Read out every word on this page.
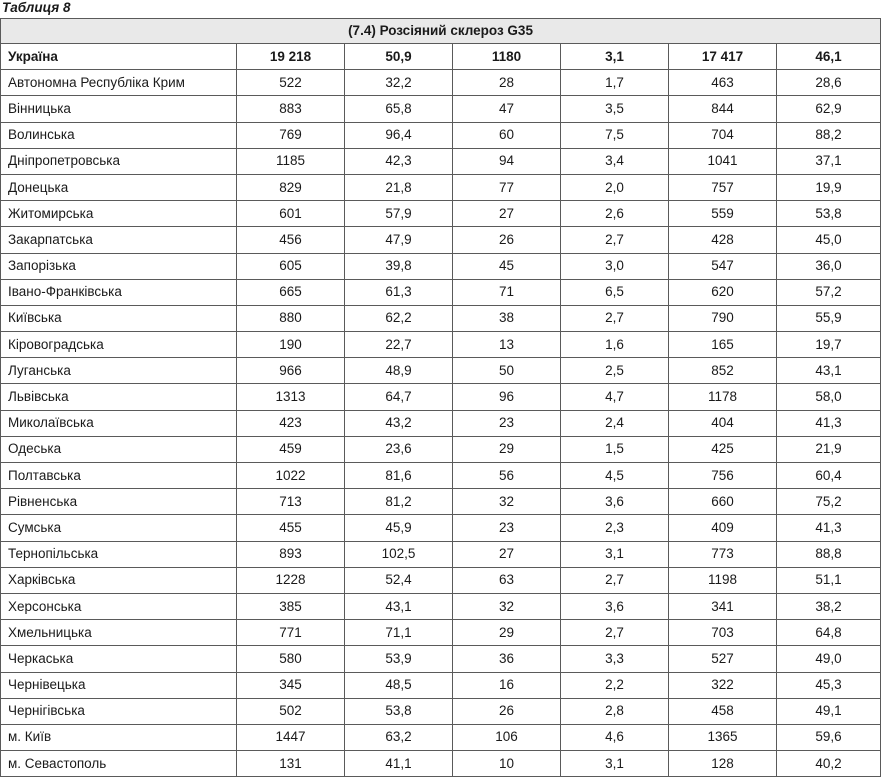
Таблиця 8
(7.4) Розсіяний склероз G35						
Україна	19 218	50,9	1180	3,1	17 417	46,1
Автономна Республіка Крим	522	32,2	28	1,7	463	28,6
Вінницька	883	65,8	47	3,5	844	62,9
Волинська	769	96,4	60	7,5	704	88,2
Дніпропетровська	1185	42,3	94	3,4	1041	37,1
Донецька	829	21,8	77	2,0	757	19,9
Житомирська	601	57,9	27	2,6	559	53,8
Закарпатська	456	47,9	26	2,7	428	45,0
Запорізька	605	39,8	45	3,0	547	36,0
Івано-Франківська	665	61,3	71	6,5	620	57,2
Київська	880	62,2	38	2,7	790	55,9
Кіровоградська	190	22,7	13	1,6	165	19,7
Луганська	966	48,9	50	2,5	852	43,1
Львівська	1313	64,7	96	4,7	1178	58,0
Миколаївська	423	43,2	23	2,4	404	41,3
Одеська	459	23,6	29	1,5	425	21,9
Полтавська	1022	81,6	56	4,5	756	60,4
Рівненська	713	81,2	32	3,6	660	75,2
Сумська	455	45,9	23	2,3	409	41,3
Тернопільська	893	102,5	27	3,1	773	88,8
Харківська	1228	52,4	63	2,7	1198	51,1
Херсонська	385	43,1	32	3,6	341	38,2
Хмельницька	771	71,1	29	2,7	703	64,8
Черкаська	580	53,9	36	3,3	527	49,0
Чернівецька	345	48,5	16	2,2	322	45,3
Чернігівська	502	53,8	26	2,8	458	49,1
м. Київ	1447	63,2	106	4,6	1365	59,6
м. Севастополь	131	41,1	10	3,1	128	40,2
